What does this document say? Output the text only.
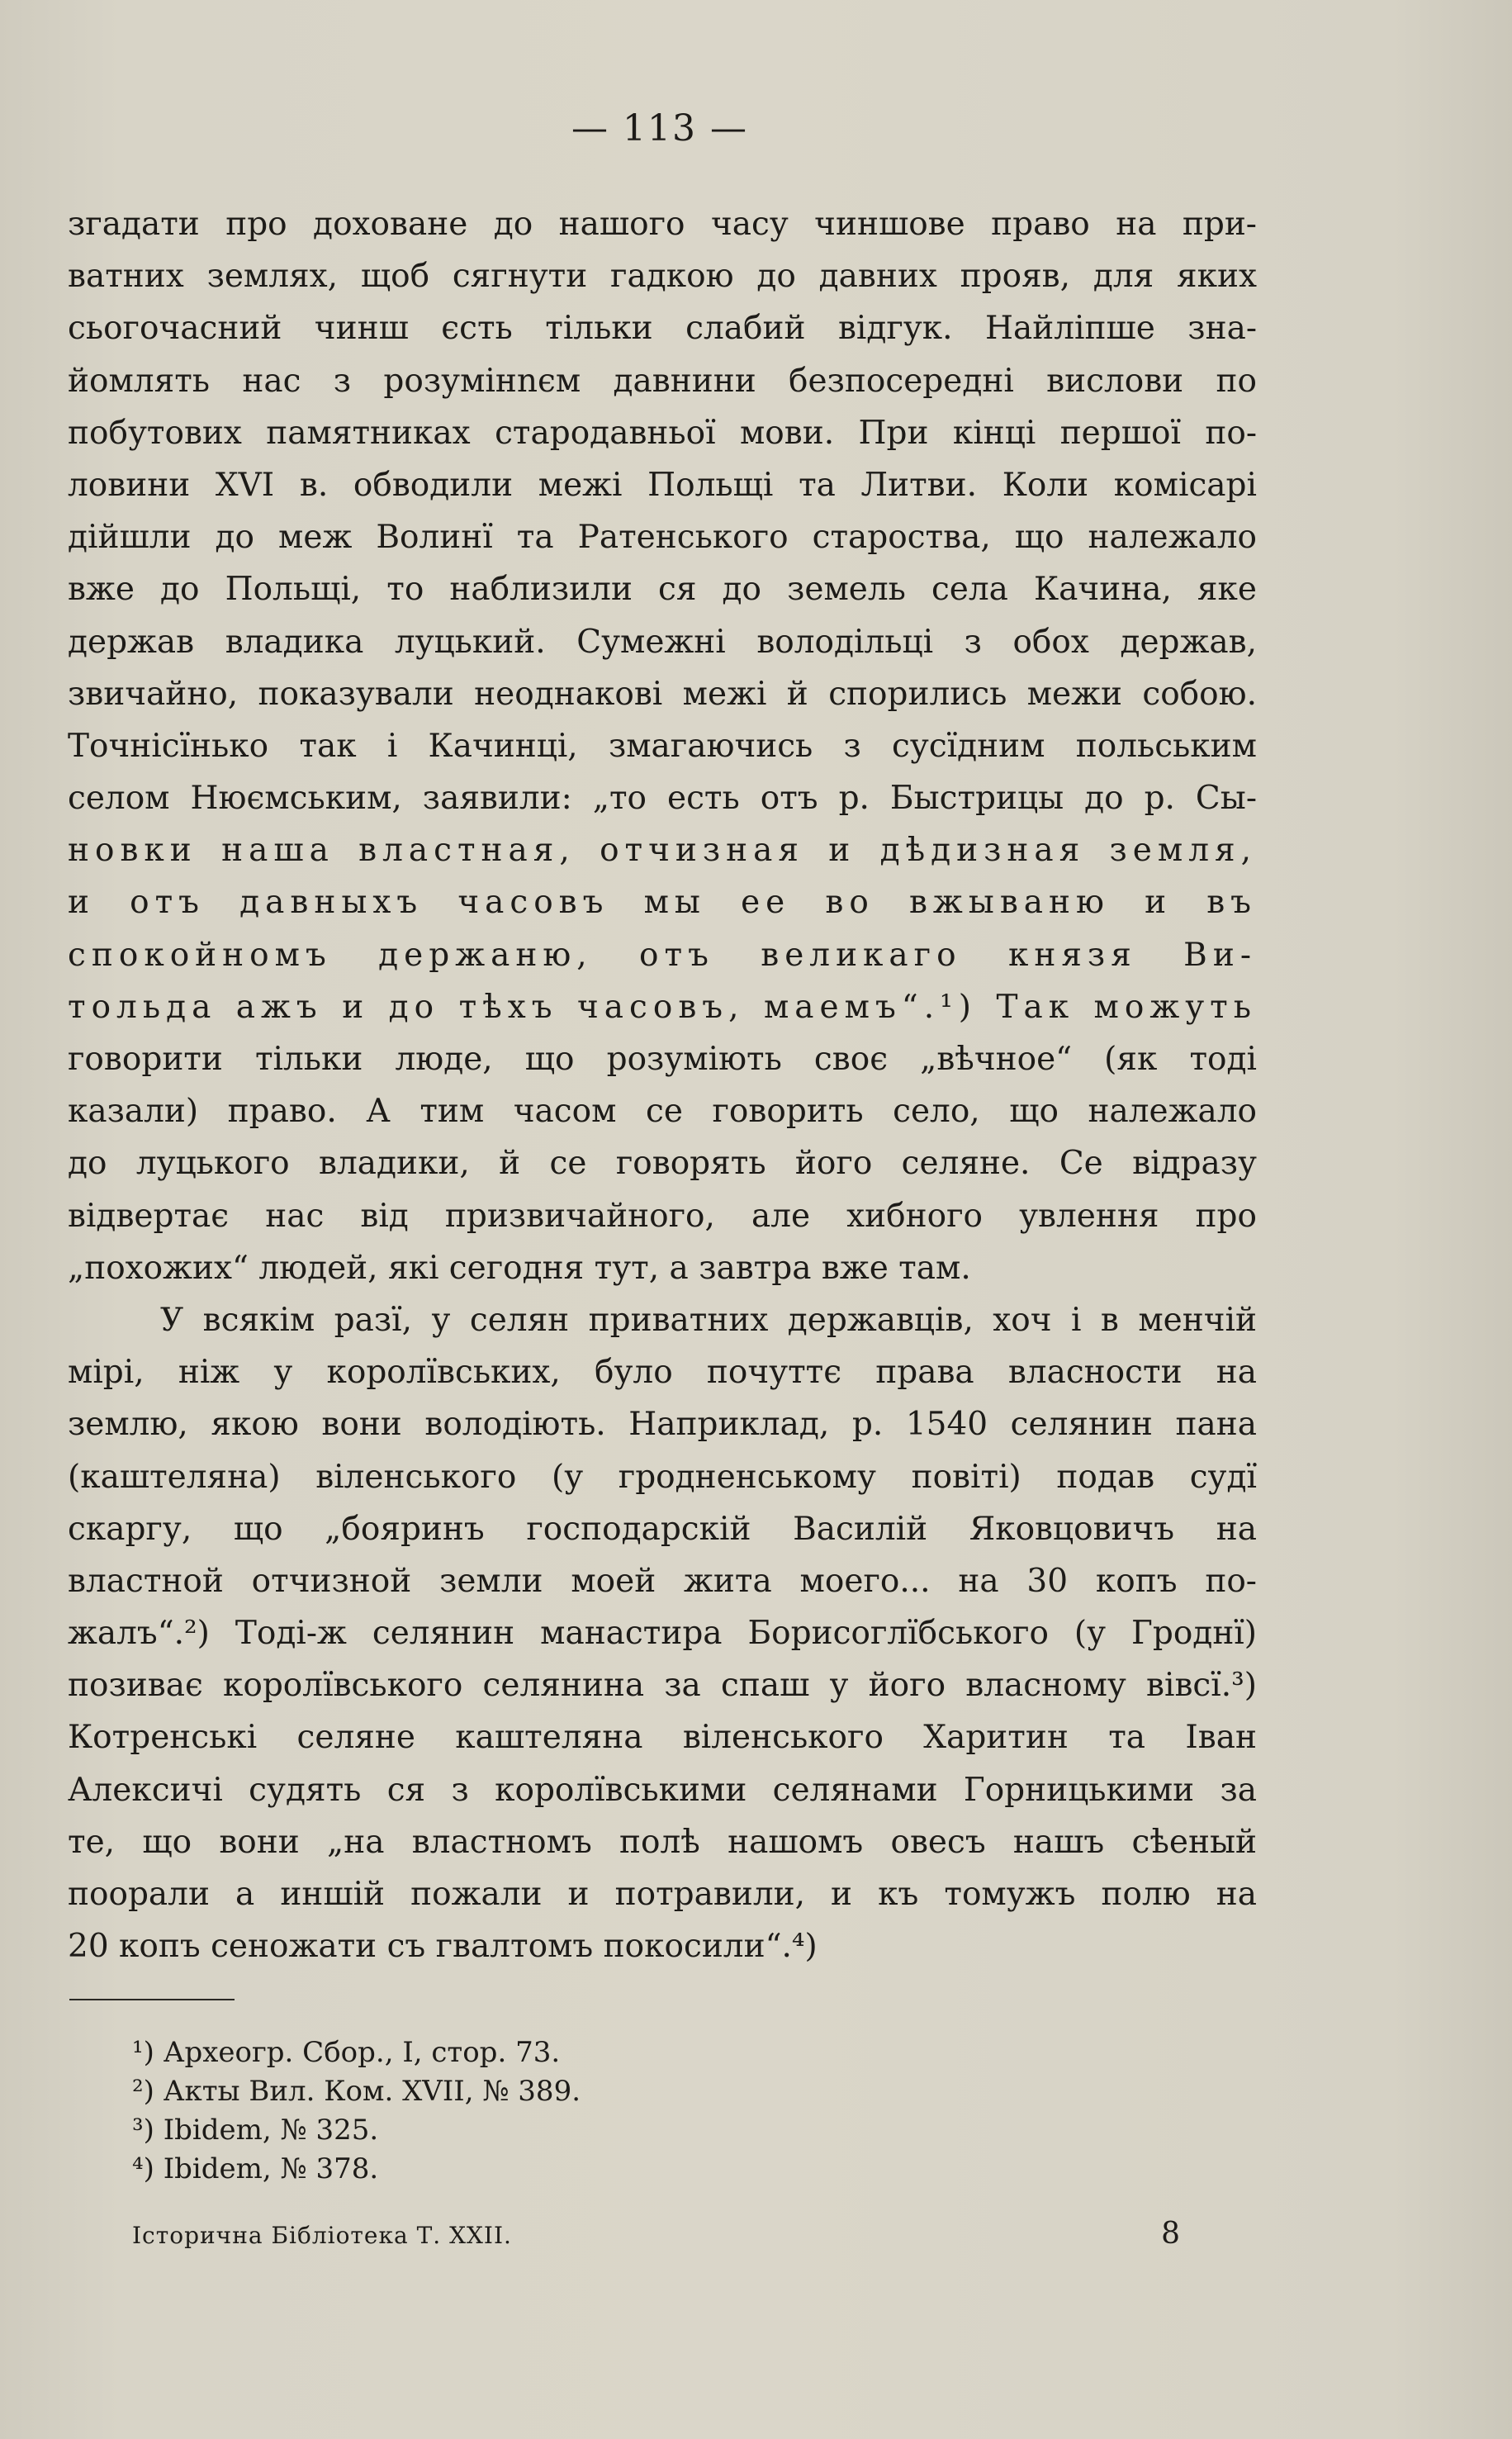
— 113 —
згадати про доховане до нашого часу чиншове право на при-
ватних землях, щоб сягнути гадкою до давних прояв, для яких
сьогочасний чинш єсть тільки слабий відгук. Найліпше зна-
йомлять нас з розумінnєм давнини безпосередні вислови по
побутових памятниках стародавньої мови. При кінці першої по-
ловини XVI в. обводили межі Польщі та Литви. Коли комісарі
дійшли до меж Волинї та Ратенського староства, що належало
вже до Польщі, то наблизили ся до земель села Качина, яке
держав владика луцький. Сумежні володільці з обох держав,
звичайно, показували неоднакові межі й спорились межи собою.
Точнісїнько так і Качинці, змагаючись з сусїдним польським
селом Нюємським, заявили: „то есть отъ р. Быстрицы до р. Сы-
новки наша властная, отчизная и дѣдизная земля,
и отъ давныхъ часовъ мы ее во вжываню и въ
спокойномъ держаню, отъ великаго князя Ви-
тольда ажъ и до тѣхъ часовъ, маемъ“.¹) Так можуть
говорити тільки люде, що розуміють своє „вѣчное“ (як тоді
казали) право. А тим часом се говорить село, що належало
до луцького владики, й се говорять його селяне. Се відразу
відвертає нас від призвичайного, але хибного увлення про
„похожих“ людей, які сегодня тут, а завтра вже там.
У всякім разї, у селян приватних державців, хоч і в менчій
мірі, ніж у королївських, було почуттє права власности на
землю, якою вони володіють. Наприклад, р. 1540 селянин пана
(каштеляна) віленського (у гродненському повіті) подав судї
скаргу, що „бояринъ господарскій Василій Яковцовичъ на
властной отчизной земли моей жита моего... на 30 копъ по-
жалъ“.²) Тоді-ж селянин манастира Борисоглїбського (у Гроднї)
позиває королївського селянина за спаш у його власному вівсї.³)
Котренські селяне каштеляна віленського Харитин та Іван
Алексичі судять ся з королївськими селянами Горницькими за
те, що вони „на властномъ полѣ нашомъ овесъ нашъ сѣеный
поорали а иншій пожали и потравили, и къ томужъ полю на
20 копъ сеножати съ гвалтомъ покосили“.⁴)
¹) Археогр. Сбор., I, стор. 73.
²) Акты Вил. Ком. XVII, № 389.
³) Ibidem, № 325.
⁴) Ibidem, № 378.
Історична Бібліотека Т. XXII.	8
